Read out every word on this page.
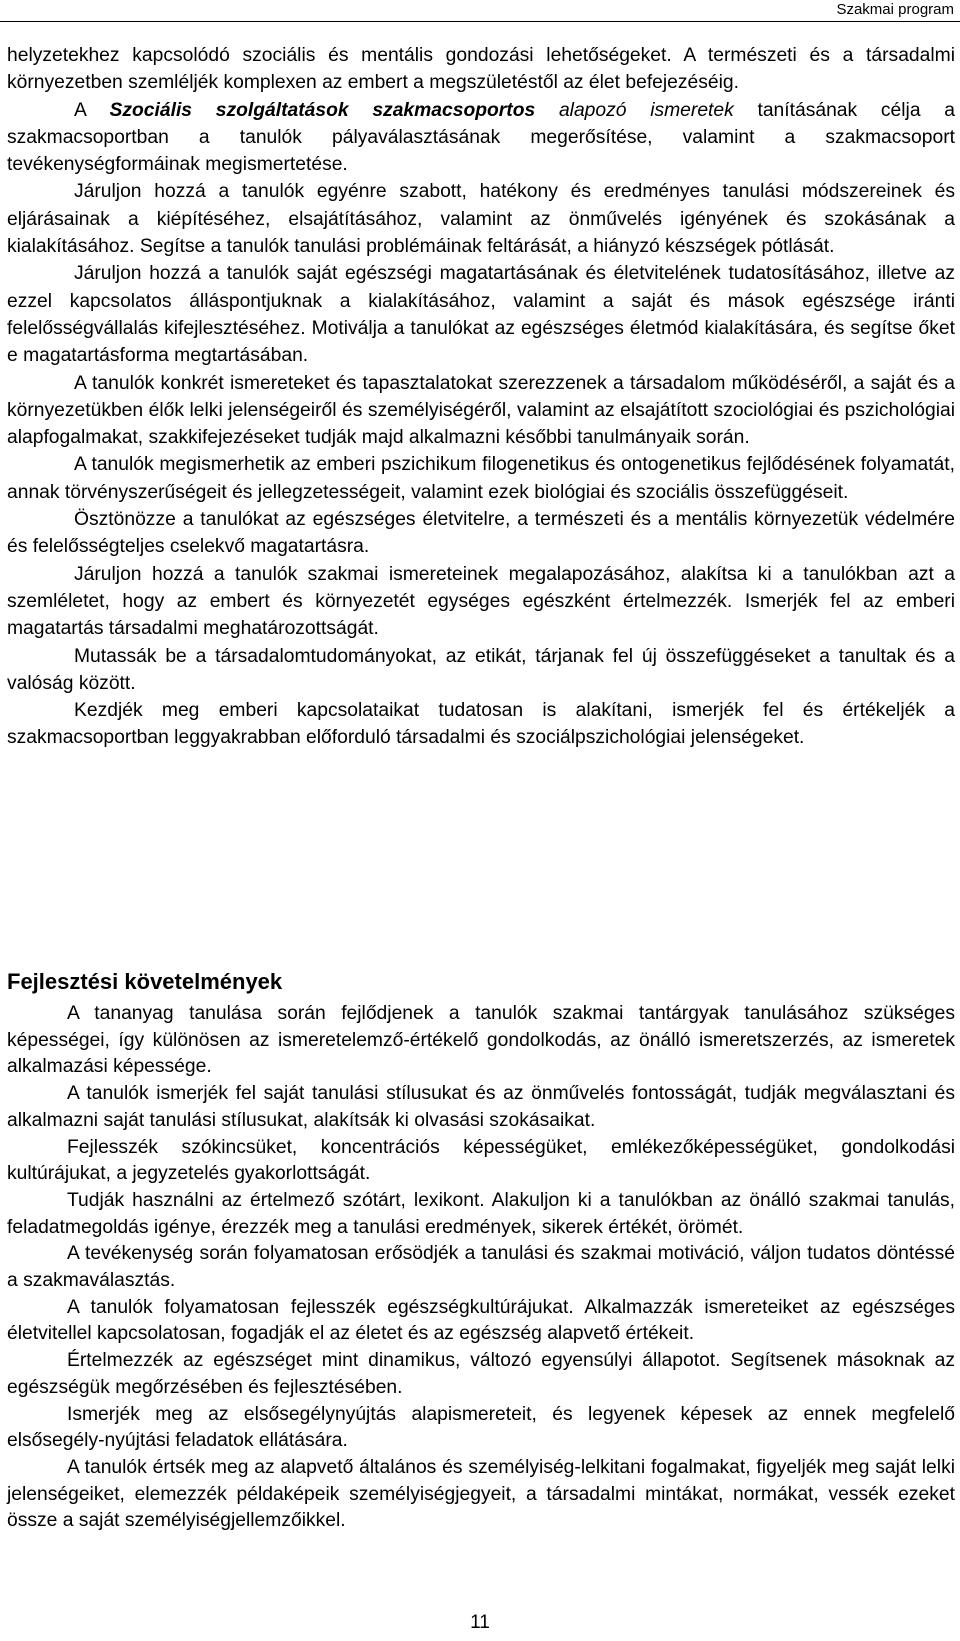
Szakmai program

helyzetekhez kapcsolódó szociális és mentális gondozási lehetőségeket. A természeti és a társadalmi környezetben szemléljék komplexen az embert a megszületéstől az élet befejezéséig.

A Szociális szolgáltatások szakmacsoportos alapozó ismeretek tanításának célja a szakmacsoportban a tanulók pályaválasztásának megerősítése, valamint a szakmacsoport tevékenységformáinak megismertetése.

Járuljon hozzá a tanulók egyénre szabott, hatékony és eredményes tanulási módszereinek és eljárásainak a kiépítéséhez, elsajátításához, valamint az önművelés igényének és szokásának a kialakításához. Segítse a tanulók tanulási problémáinak feltárását, a hiányzó készségek pótlását.

Járuljon hozzá a tanulók saját egészségi magatartásának és életvitelének tudatosításához, illetve az ezzel kapcsolatos álláspontjuknak a kialakításához, valamint a saját és mások egészsége iránti felelősségvállalás kifejlesztéséhez. Motiválja a tanulókat az egészséges életmód kialakítására, és segítse őket e magatartásforma megtartásában.

A tanulók konkrét ismereteket és tapasztalatokat szerezzenek a társadalom működéséről, a saját és a környezetükben élők lelki jelenségeiről és személyiségéről, valamint az elsajátított szociológiai és pszichológiai alapfogalmakat, szakkifejezéseket tudják majd alkalmazni későbbi tanulmányaik során.

A tanulók megismerhetik az emberi pszichikum filogenetikus és ontogenetikus fejlődésének folyamatát, annak törvényszerűségeit és jellegzetességeit, valamint ezek biológiai és szociális összefüggéseit.

Ösztönözze a tanulókat az egészséges életvitelre, a természeti és a mentális környezetük védelmére és felelősségteljes cselekvő magatartásra.

Járuljon hozzá a tanulók szakmai ismereteinek megalapozásához, alakítsa ki a tanulókban azt a szemléletet, hogy az embert és környezetét egységes egészként értelmezzék. Ismerjék fel az emberi magatartás társadalmi meghatározottságát.

Mutassák be a társadalomtudományokat, az etikát, tárjanak fel új összefüggéseket a tanultak és a valóság között.

Kezdjék meg emberi kapcsolataikat tudatosan is alakítani, ismerjék fel és értékeljék a szakmacsoportban leggyakrabban előforduló társadalmi és szociálpszichológiai jelenségeket.

Fejlesztési követelmények

A tananyag tanulása során fejlődjenek a tanulók szakmai tantárgyak tanulásához szükséges képességei, így különösen az ismeretelemző-értékelő gondolkodás, az önálló ismeretszerzés, az ismeretek alkalmazási képessége.

A tanulók ismerjék fel saját tanulási stílusukat és az önművelés fontosságát, tudják megválasztani és alkalmazni saját tanulási stílusukat, alakítsák ki olvasási szokásaikat.

Fejlesszék szókincsüket, koncentrációs képességüket, emlékezőképességüket, gondolkodási kultúrájukat, a jegyzetelés gyakorlottságát.

Tudják használni az értelmező szótárt, lexikont. Alakuljon ki a tanulókban az önálló szakmai tanulás, feladatmegoldás igénye, érezzék meg a tanulási eredmények, sikerek értékét, örömét.

A tevékenység során folyamatosan erősödjék a tanulási és szakmai motiváció, váljon tudatos döntéssé a szakmaválasztás.

A tanulók folyamatosan fejlesszék egészségkultúrájukat. Alkalmazzák ismereteiket az egészséges életvitellel kapcsolatosan, fogadják el az életet és az egészség alapvető értékeit.

Értelmezzék az egészséget mint dinamikus, változó egyensúlyi állapotot. Segítsenek másoknak az egészségük megőrzésében és fejlesztésében.

Ismerjék meg az elsősegélynyújtás alapismereteit, és legyenek képesek az ennek megfelelő elsősegély-nyújtási feladatok ellátására.

A tanulók értsék meg az alapvető általános és személyiség-lelkitani fogalmakat, figyeljék meg saját lelki jelenségeiket, elemezzék példaképeik személyiségjegyeit, a társadalmi mintákat, normákat, vessék ezeket össze a saját személyiségjellemzőikkel.

11
